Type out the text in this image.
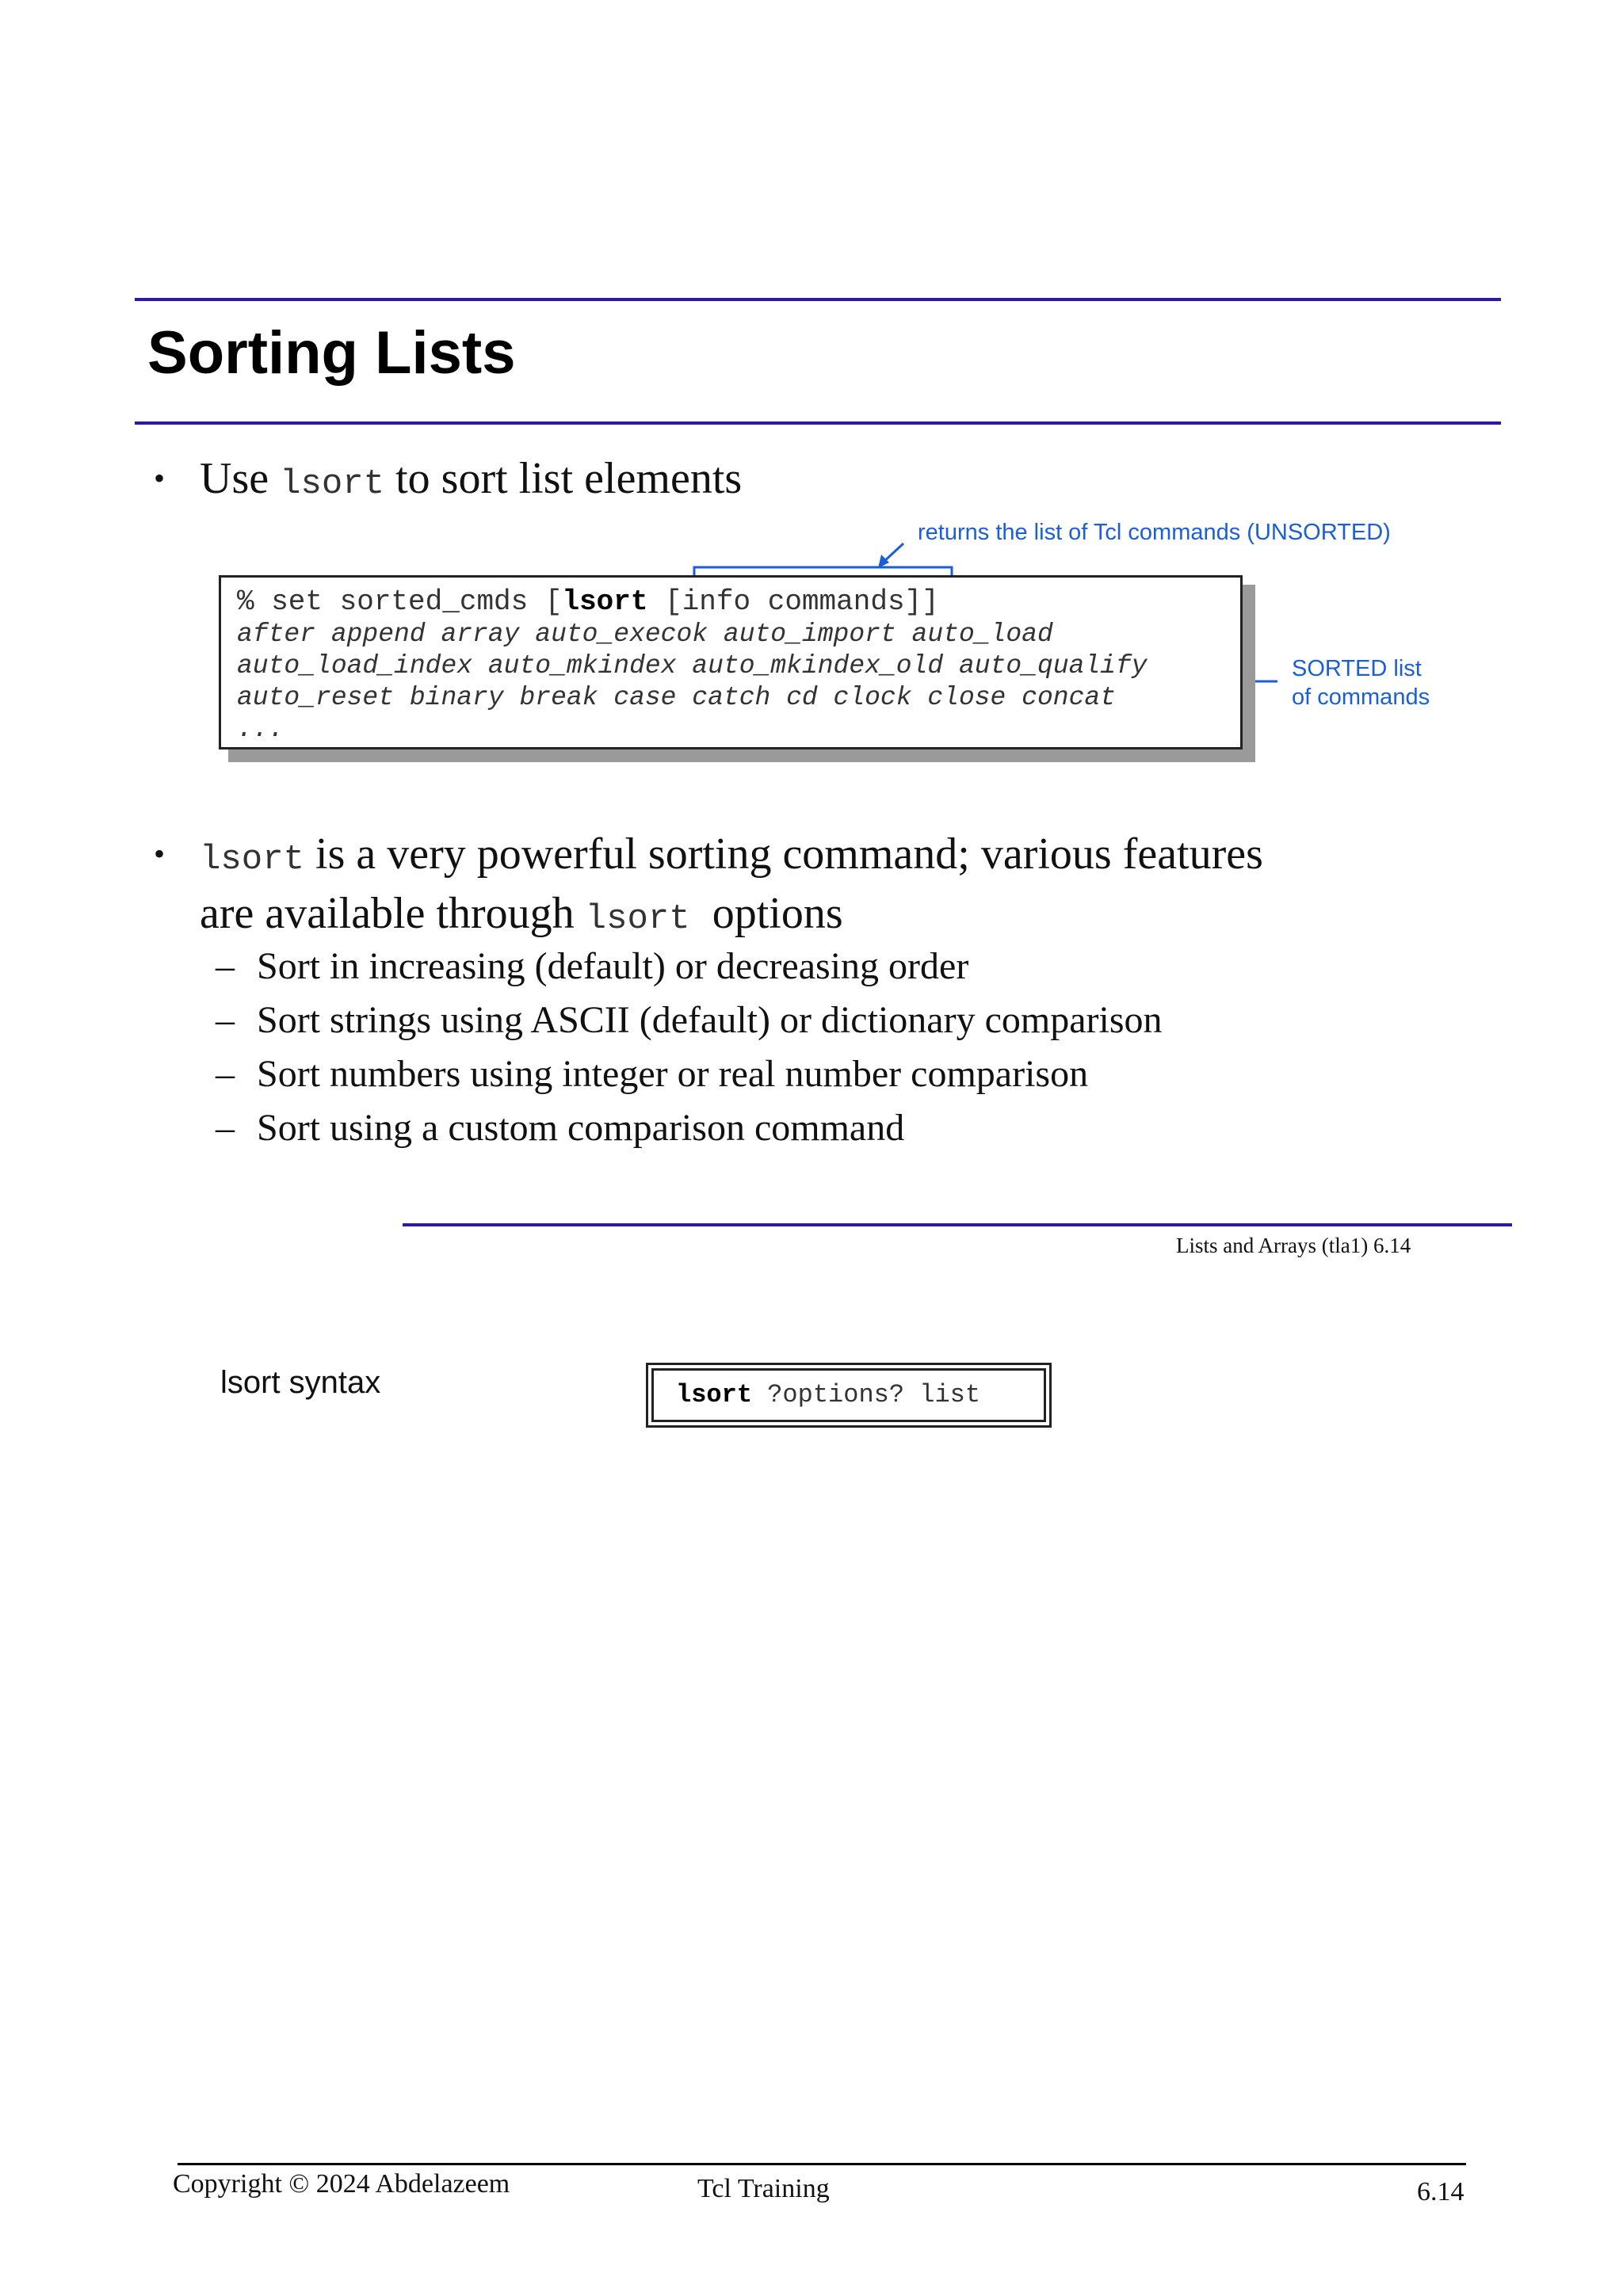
Sorting Lists
• Use lsort to sort list elements
returns the list of Tcl commands (UNSORTED)
SORTED list
of commands
% set sorted_cmds [lsort [info commands]]
after append array auto_execok auto_import auto_load
auto_load_index auto_mkindex auto_mkindex_old auto_qualify
auto_reset binary break case catch cd clock close concat
...
• lsort is a very powerful sorting command; various features
are available through lsort  options
– Sort in increasing (default) or decreasing order
– Sort strings using ASCII (default) or dictionary comparison
– Sort numbers using integer or real number comparison
– Sort using a custom comparison command
Lists and Arrays (tla1) 6.14
lsort syntax	lsort ?options? list
Copyright © 2024 Abdelazeem	Tcl Training	6.14
